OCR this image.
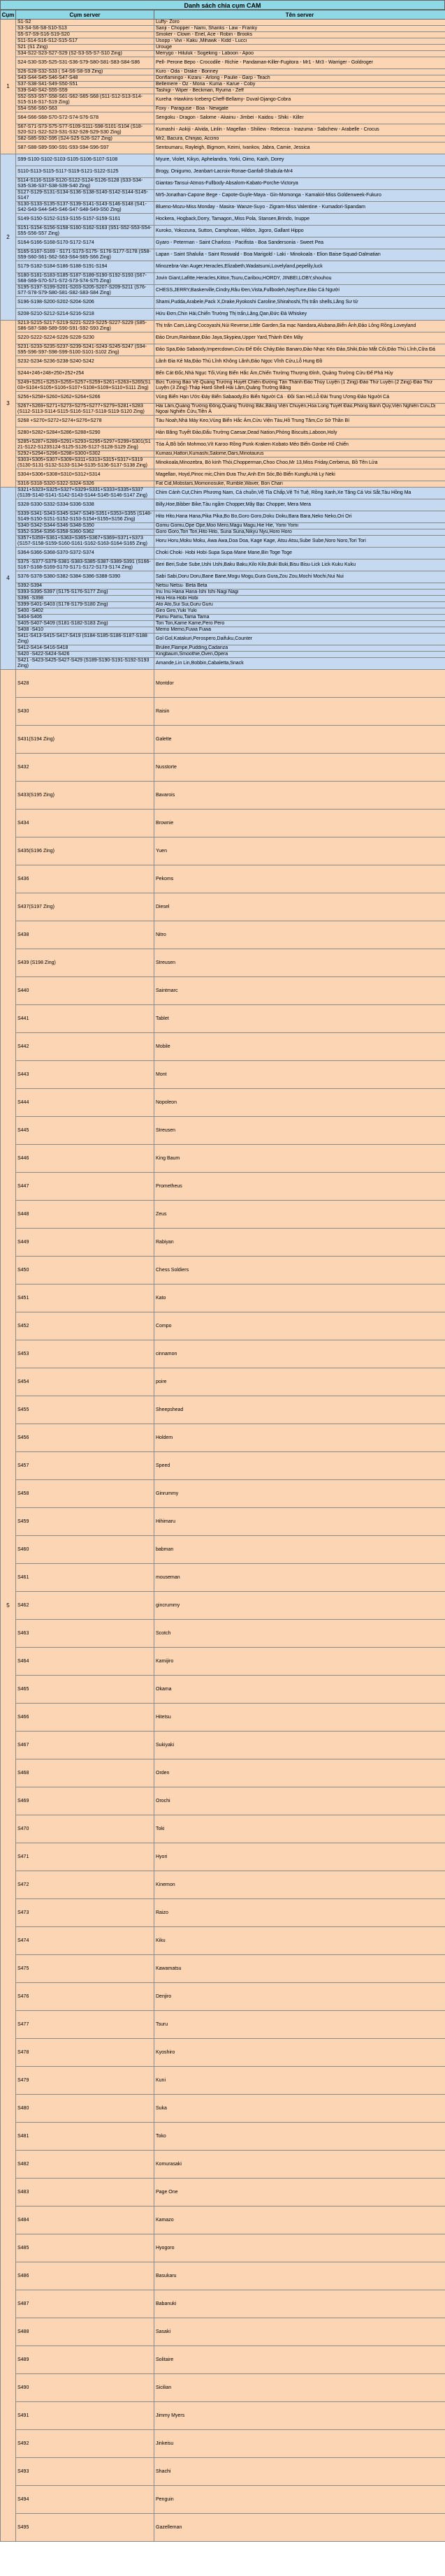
Danh sách chia cụm CAM
Cụm	Cụm server	Tên server
1	S1-S2	Luffy- Zoro
	S3-S4-S6-S8-S10-S13	Sanji - Chopper - Nami, Shanks - Law - Franky
	S5-S7-S9-S16-S19-S20	Smoker - Clown - Enel, Ace - Robin - Brooks
	S11-S14-S16-S12-S15-S17	Usopp - Vivi - Kaku ,Mihawk - Kidd - Lucci
	S21 (S1 Zing)	Urouge
	S34-S22-S23-S27-S29 (S2-S3-S5-S7-S10 Zing)	Merrygo - Hiluluk - Sogeking - Laboon - Apoo
	S24-S30-S35-S25-S31-S36-S79-S80-S81-S83-S84-S86	Pell- Perone Bepo - Crocodile - Richie - Pandaman-Killer-Fugitora - Mr1 - Mr3 - Warriger - Goldroger
	S26-S28-S32-S33 ( S4-S6-S8-S9 Zing)	Kuro - Oda - Drake - Bonney
	S43-S44-S45-S46-S47-S48	Donflamingo - Kizaru - Arlong - Paulie - Garp - Teach
	S37-S38-S41-S49-S50-S51	Bellemere - Oz - Moria - Kuma - Karue - Coby
	S39-S40-S42-S55-S59	Tashigi - Wiper - Beckman, Ryuma - Zeff
	S52-S53-S57-S58-S61-S62-S65-S68 (S11-S12-S13-S14-S15-S16-S17-S19 Zing)	Kureha -Hawkins-Iceberg-Cheff-Bellamy- Duval-Django-Cobra
	S54-S56-S60-S63	Foxy - Paraguse - Boa - Newgate
	S64-S66-S68-S70-S72-S74-S76-S78	Sengoku - Dragon - Salome - Akainu - Jimbei - Kaidou - Shiki - Killer
	S67-S71-S73-S75-S77-S109-S111-S98-S101-S104 (S18-S20-S21-S22-S23-S31-S32-S28-S29-S30 Zing)	Kumashi - Aokiji - Alvida, Linlin - Magellan - Shiliew - Rebecca - Inazuma - Sabchew - Arabelle - Crocus
	S82-S85-S92-S95 (S24-S25-S26-S27 Zing)	Mr2, Bacura, Chinjao, Accino
	S87-S88-S89-S90-S91-S93-S94-S96-S97	Sentoumaru, Rayleigh, Bigmom, Keimi, Ivankov, Jabra, Camie, Jessica
2	S99-S100-S102-S103-S105-S106-S107-S108	Myure, Violet, Kikyo, Aphelandra, Yorki, Oimo, Kaoh, Dorey
	S110-S113-S115-S117-S119-S121-S122-S125	Brogy, Onigumo, Jeanbart-Lacroix-Ronae-Ganfall-Shabula-Mr4
	S114-S116-S118-S120-S122-S124-S126-S128 (S33-S34-S35-S36-S37-S38-S39-S40 Zing)	Giantas-Tansui-Atmos-Fullbody-Absalom-Kabato-Porche-Victorya
	S127-S129-S131-S134-S136-S138-S140-S142-S144-S145-S147	Mr5-Jonathan-Capone Bege - Capote-Guyle-Maya - Gin-Momonga - Kamakiri-Miss Goldenweek-Fukuro
	S130-S133-S135-S137-S139-S141-S143-S146-S148 (S41-S42-S43-S44-S45-S46-S47-S48-S49-S50 Zing)	Blueno-Mozu-Miss Monday - Masira- Wanze-Suyo - Zigram-Miss Valentine - Kumadori-Spandam
	S149-S150-S152-S153-S155-S157-S159-S161	Hockera, Hogback,Dorry, Tamagon,,Miss Pola, Stansen,Brindo, Inuppe
	S151-S154-S156-S158-S160-S162-S163 (S51-S52-S53-S54-S55-S56-S57 Zing)	Kuroko, Yokozuna, Sutton, Camphoan, Hildon, Jigoro, Gallant Hippo
	S164-S166-S168-S170-S172-S174	Gyaro - Peterman - Saint Charloss - Pacifista - Boa Sandersonia - Sweet Pea
	S165-S167-S169 - S171-S173-S175- S176-S177-S178 (S58-S59-S60-S61-S62-S63-S64-S65-S66 Zing)	Lapan - Saint Shalulia - Saint Roswald - Boa Marigold - Laki - Minokoala - Elion Baise-Squad-Dalmatian
	S179-S182-S184-S186-S188-S191-S194	Minozebra-Van Auger,Heracles,Elizabeth,Wadatsumi,Lovelyland,pepelily,luck
	S180-S181-S183-S185-S187-S189-S190-S192-S193 (S67-S68-S69-S70-S71-S72-S73-S74-S75 Zing)	Jovin Giant,Lafitte,Heracles,Kitton,Tsuru,Caribou,HORDY, JINBEI,LOBY,shouhou
	S195-S197-S199-S201-S203-S205-S207-S209-S211 (S76-S77-S78-S79-S80-S81-S82-S83-S84 Zing)	CHESS,JERRY,Baskerville,Cindry,Râu Đen,Vista,Fullbodeh,NepTune,Đảo Cá Người
	S196-S198-S200-S202-S204-S206	Shami,Pudda,Arabele,Pack X,Drake,Ryokoshi Caroline,Shirahoshi,Thị trấn shells,Lăng Sư tử
	S208-S210-S212-S214-S216-S218	Hứu Đơn,Chin Hài,Chiến Trường Thị trấn,Lăng,Qan,Đức Đà Whiskey
3	S213-S215-S217-S219-S221-S223-S225-S227-S229 (S85-S86-S87-S88-S89-S90-S91-S92-S93 Zing)	Thị trấn Cam,Làng Cocoyashi,Núi Reverse,Little Garden,Sa mạc Nandara,Alubana,Biển Ảnh,Đảo Lông Rồng,Loveyland
	S220-S222-S224-S226-S228-S230	Đảo Drum,Rainbase,Đảo Jaya,Skypiea,Upper Yard,Thành Đèn Mây
	S231-S233-S235-S237-S239-S241-S243-S245-S247 (S94-S95-S96-S97-S98-S99-S100-S101-S102 Zing)	Đảo Spa,Đảo Sabaody,Impercdown,Cửu Đế Đốc Chảy,Đảo Banaro,Đảo Nhạc Kéo Đảo,Shiki,Đảo Mắt Côi,Đảo Thủ Lĩnh,Cữa Đá
	S232-S234-S236-S238-S240-S242	Lãnh Đia Kẻ Ma,Đảo Thủ Lĩnh Không Lãnh,Đảo Ngọc Vĩnh Cửu,Lỗ Hung Đồ
	S244+246+248+250+252+254	Bến Cát Đốc,Nhà Ngục Tối,Vùng Biển Hắc Ám,Chiến Trường Thượng Đỉnh, Quảng Trường Cửu Đế Phá Hủy
	S249+S251+S253+S255+S257+S259+S261+S263+S265(S103+S104+S105+S106+S107+S108+S109+S110+S111 Zing)	Bức Tường Bảo Vệ·Quảng Trường Huyết Chiến·Đường Tấn Thành Đảo Thủy Luyện (1 Zing)·Đảo Thử Luyện (2 Zing)·Đảo Thử Luyện (3 Zing)·Tháp Hard·Shell·Hải Lâm,Quảng Trường Băng
	S256+S258+S260+S262+S264+S266	Vùng Biển Hạn Ước·Đáy Biển Sabaody,Eo Biển Người Cá · Đồi San Hô,Lỗ Đài Trung Ương·Đảo Người Cá
	S267+S269+S271+S273+S275+S277+S279+S281+S283 (S112-S113-S114-S115-S116-S117-S118-S119-S120 Zing)	Hải Lâm,Quảng Trường Đông,Quảng Trường Bắc,Băng Viện Chuyến,Hòa Long Tuyết Đảo,Phòng Bánh Quy,Viện Nghiên Cứu,Dị Ngoại Nghiên Cứu,Tiền Á
	S268 +S270+S272+S274+S276+S278	Tàu Noah,Nhà Máy Keo,Vùng Biển Hắc Ám,Cửu Viện Tàu,Hồ Trung Tâm,Cơ Sở Thần Bí
	S280+S282+S284+S286+S288+S290	Hàn Băng Tuyết Đảo,Đấu Trường Caesar,Dead Nation,Phòng Biscuits,Laboon,Holy
	S285+S287+S289+S291+S293+S295+S297+S299+S301(S121-S122-S123S124-S125-S126-S127-S128-S129 Zing)	Tòa Ả,Bồ bốn Mohmoo,Vít Karoo·Rồng Punk·Kraken·Kobato·Mẻo Biển·Gonbe·Hổ Chiến
	S292+S294+S296+S298+S300+S302	Kumasi,Hattori,Kumashi,Salome,Oars,Minotaurus
	S303+S305+S307+S309+S311+S313+S315+S317+S319 (S130-S131-S132-S133-S134-S135-S136-S137-S138 Zing)	Minokoala,Minozebra, Bò kinh Thỏi,Chopperman,Choo Choo,Mr 13,Miss Friday,Cerberus, Bồ Tên Lửa
	S304+S306+S308+S310+S312+S314	Magellan, Hoyd,Pinoc mic,Chim Đưa Thư,Anh Em Sóc,Bò Biển Kungfu,Hà Ly Neki
	S316-S318-S320-S322-S324-S326	Fat Cid,Mobstars,Momonosuke, Rumble,Waver, Bon Chari
4	S321+S323+S325+S327+S329+S331+S333+S335+S337 (S139-S140-S141-S142-S143-S144-S145-S146-S147 Zing)	Chim Cánh Cụt,Chim Phương Nam, Cá chuồn,Vệ Tỉa Chấp,Vệ Tri Tuệ, Rồng Xanh,Xe Tăng Cá Voi Sắt,Tàu Hồng Ma
	S328-S330-S332-S334-S336-S338	Billy,Hoe,Bibber Bike,Tàu ngầm Chopper,Mây Bạc Chopper, Mera Mera
	S339-S341-S343-S345-S347-S349-S351+S353+S355 (S148-S149-S150-S151-S152-S153-S154+S155+S156 Zing)	Hito Hito,Hana Hana,Pika Pika,Bo Bo,Goro Goro,Doku Doku,Bara Bara,Neko Neko,Ori Ori
	S340-S342-S344-S346-S348-S350	Gomu Gomu,Ope Ope,Moo Mero,Magu Magu,Hie Hie, Yomi Yomi
	S352-S354-S356-S358-S360-S362	Goro Goro,Tori Tori,Hito Hito, Suna Suna,Nikyu Nyu,Horo Horo
	S357+S359+S361+S363+S365+S367+S369+S371+S373 (S157-S158-S159-S160-S161-S162-S163-S164-S165 Zing)	Horu Horu,Moku Moku, Awa Awa,Doa Doa, Kage Kage, Atsu Atsu,Sube Sube,Noro Noro,Tori Tori
	S364-S366-S368-S370-S372-S374	Choki Choki· Hobi Hobi·Supa Supa·Mane Mane,Bin Toge Toge
	S375 -S377-S379-S381-S383-S385-S387-S389-S391 (S166-S167-S168-S169-S170-S171-S172-S173-S174 Zing)	Beri Beri,Sube Sube,Ushi Ushi,Baku Baku,Kilo Kilo,Buki Buki,Bisu Bisu·Lick Lick·Kuku Kuku
	S376-S378-S380-S382-S384-S386-S388-S390	Sabi Sabi,Doru Doru,Bane Bane,Mogu Mogu,Gura Gura,Zou Zou,Mochi Mochi,Nui Nui
	S392-S394	Netsu Netsu· Beta Beta
	S393-S395-S397 (S175-S176-S177 Zing)	Inu Inu·Hana Hana·Ishi Ishi·Nagi Nagi
	S396 -S398	Hira Hira·Hobi Hobi
	S399-S401-S403 (S178-S179-S180 Zing)	Ato Ato,Sui Sui,Guru Guru
	S400 -S402	Giro Giro,Yuki Yuki
	S404-S406	Pamu Pamu,Tama Tama
	S405-S407-S409 (S181-S182-S183 Zing)	Ton Ton,Kame Kame,Pero Pero
	S408 -S410	Memo Memo,Fuwa Fuwa
	S411-S413-S415-S417-S419 (S184-S185-S186-S187-S188 Zing)	Gol Gol,Katakuri,Perospero,Daifuku,Counter
	S412-S414-S416-S418	Brulee,Flampe,Pudding,Cadanza
	S420 -S422-S424-S426	Kingbaum,Smoothie,Oven,Opera
	S421 -S423-S425-S427-S429 (S189-S190-S191-S192-S193 Zing)	Amande,Lin Lin,Bobbin,Cabaletta,Snack
5	S428	Montdor
	S430	Raisin
	S431(S194 Zing)	Galette
	S432	Nusstorte
	S433(S195 Zing)	Bavarois
	S434	Brownie
	S435(S196 Zing)	Yuen
	S436	Pekoms
	S437(S197 Zing)	Diesel
	S438	Nitro
	S439 (S198 Zing)	Streusen
	S440	Saintmarc
	S441	Tablet
	S442	Mobile
	S443	Mont
	S444	Nopoleon
	S445	Streusen
	S446	King Baum
	S447	Prometheus
	S448	Zeus
	S449	Rabiyan
	S450	Chess Soldiers
	S451	Kato
	S452	Compo
	S453	cinnamon
	S454	poire
	S455	Sheepshead
	S456	Holdem
	S457	Speed
	S458	Ginrummy
	S459	Hihimaru
	S460	babman
	S461	mouseman
	S462	gincrummy
	S463	Scotch
	S464	Kamijiro
	S465	Okama
	S466	Hitetsu
	S467	Sukiyaki
	S468	Orden
	S469	Orochi
	S470	Toki
	S471	Hyori
	S472	Kinemon
	S473	Raizo
	S474	Kiku
	S475	Kawamatsu
	S476	Denjiro
	S477	Tsuru
	S478	Kyoshiro
	S479	Kuni
	S480	Suka
	S481	Toko
	S482	Komurasaki
	S483	Page One
	S484	Kamazo
	S485	Hyogoro
	S486	Basukaru
	S487	Babanuki
	S488	Sasaki
	S489	Solitaire
	S490	Sicilian
	S491	Jimmy Myers
	S492	Jinkeisu
	S493	Shachi
	S494	Penguin
	S495	Gazelleman
